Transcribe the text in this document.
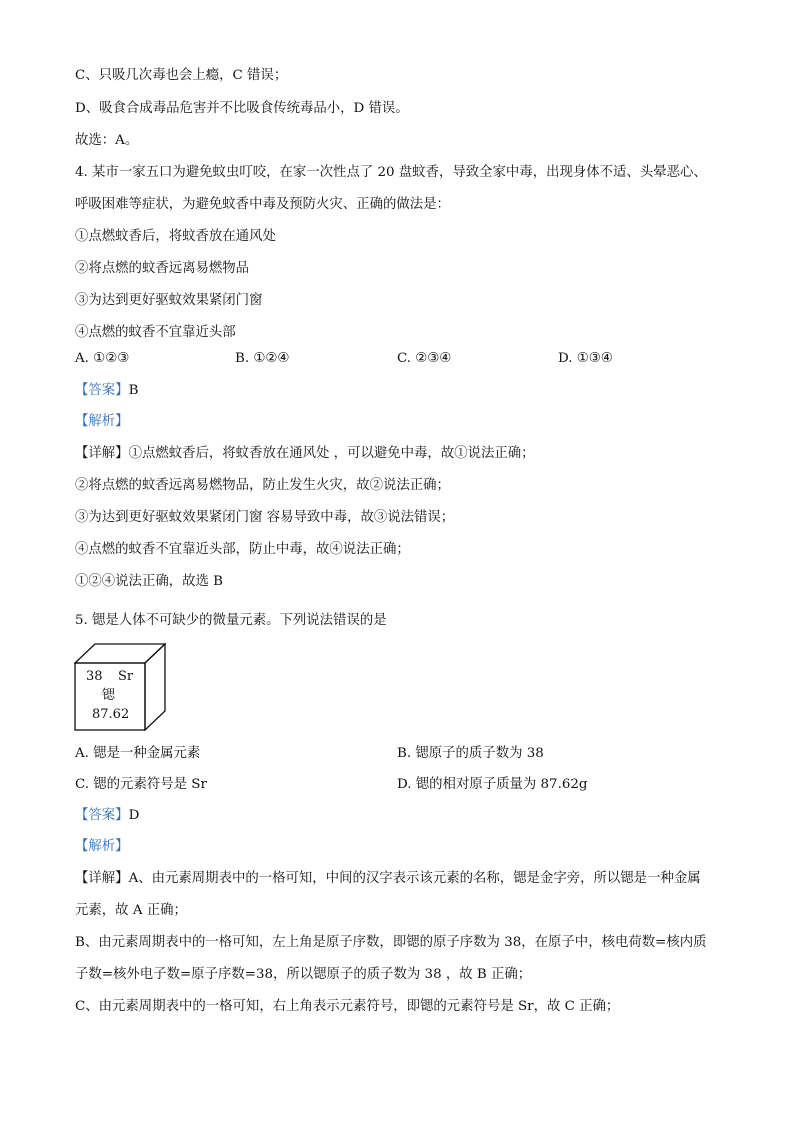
C、只吸几次毒也会上瘾，C 错误；
D、吸食合成毒品危害并不比吸食传统毒品小，D 错误。
故选：A。
4. 某市一家五口为避免蚊虫叮咬，在家一次性点了 20 盘蚊香，导致全家中毒，出现身体不适、头晕恶心、
呼吸困难等症状，为避免蚊香中毒及预防火灾、正确的做法是：
①点燃蚊香后，将蚊香放在通风处
②将点燃的蚊香远离易燃物品
③为达到更好驱蚊效果紧闭门窗
④点燃的蚊香不宜靠近头部
A. ①②③	B. ①②④	C. ②③④	D. ①③④
【答案】B
【解析】
【详解】①点燃蚊香后，将蚊香放在通风处 ，可以避免中毒，故①说法正确；
②将点燃的蚊香远离易燃物品，防止发生火灾，故②说法正确；
③为达到更好驱蚊效果紧闭门窗 容易导致中毒，故③说法错误；
④点燃的蚊香不宜靠近头部，防止中毒，故④说法正确；
①②④说法正确，故选 B
5. 锶是人体不可缺少的微量元素。下列说法错误的是
38 Sr
锶
87.62
A. 锶是一种金属元素	B. 锶原子的质子数为 38
C. 锶的元素符号是 Sr	D. 锶的相对原子质量为 87.62g
【答案】D
【解析】
【详解】A、由元素周期表中的一格可知，中间的汉字表示该元素的名称，锶是金字旁，所以锶是一种金属
元素，故 A 正确；
B、由元素周期表中的一格可知，左上角是原子序数，即锶的原子序数为 38，在原子中，核电荷数=核内质
子数=核外电子数=原子序数=38，所以锶原子的质子数为 38 ，故 B 正确；
C、由元素周期表中的一格可知，右上角表示元素符号，即锶的元素符号是 Sr，故 C 正确；
